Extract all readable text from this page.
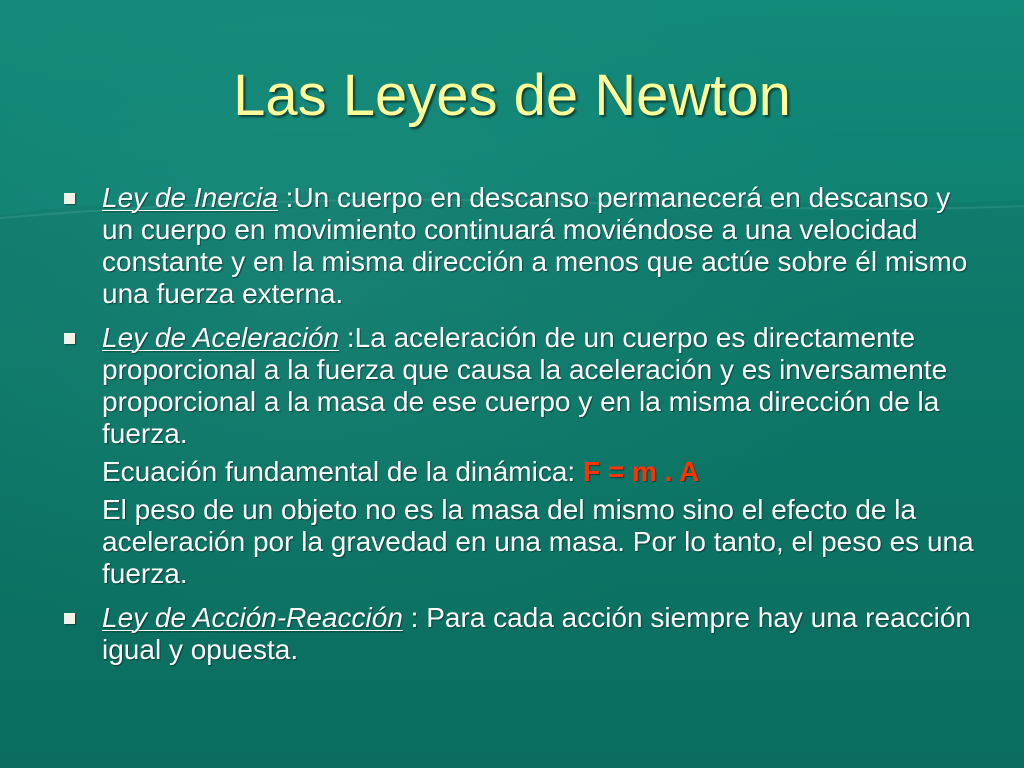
Las Leyes de Newton
Ley de Inercia :Un cuerpo en descanso permanecerá en descanso y un cuerpo en movimiento continuará moviéndose a una velocidad constante y en la misma dirección a menos que actúe sobre él mismo una fuerza externa.
Ley de Aceleración :La aceleración de un cuerpo es directamente proporcional a la fuerza que causa la aceleración y es inversamente proporcional a la masa de ese cuerpo y en la misma dirección de la fuerza.
Ecuación fundamental de la dinámica: F = m . A
El peso de un objeto no es la masa del mismo sino el efecto de la aceleración por la gravedad en una masa. Por lo tanto, el peso es una fuerza.
Ley de Acción-Reacción : Para cada acción siempre hay una reacción igual y opuesta.
